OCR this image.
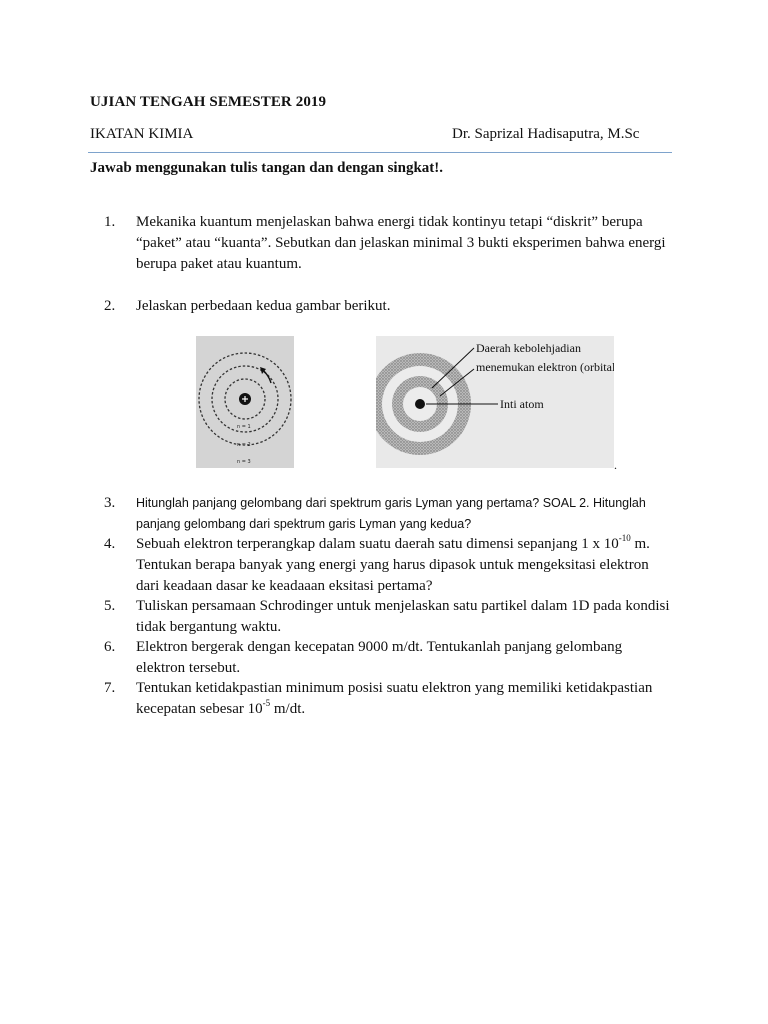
UJIAN TENGAH SEMESTER 2019
IKATAN KIMIA	Dr. Saprizal Hadisaputra, M.Sc
Jawab menggunakan tulis tangan dan dengan singkat!.
1.	Mekanika kuantum menjelaskan bahwa energi tidak kontinyu tetapi “diskrit” berupa “paket” atau “kuanta”. Sebutkan dan jelaskan minimal 3 bukti eksperimen bahwa energi berupa paket atau kuantum.
2.	Jelaskan perbedaan kedua gambar berikut.
n = 1
n = 2
n = 3
Daerah kebolehjadian
menemukan elektron (orbital)
Inti atom
.
3.	Hitunglah panjang gelombang dari spektrum garis Lyman yang pertama? SOAL 2. Hitunglah panjang gelombang dari spektrum garis Lyman yang kedua?
4.	Sebuah elektron terperangkap dalam suatu daerah satu dimensi sepanjang 1 x $10^{-10}$ m. Tentukan berapa banyak yang energi yang harus dipasok untuk mengeksitasi elektron dari keadaan dasar ke keadaaan eksitasi pertama?
5.	Tuliskan persamaan Schrodinger untuk menjelaskan satu partikel dalam 1D pada kondisi tidak bergantung waktu.
6.	Elektron bergerak dengan kecepatan 9000 m/dt. Tentukanlah panjang gelombang elektron tersebut.
7.	Tentukan ketidakpastian minimum posisi suatu elektron yang memiliki ketidakpastian kecepatan sebesar $10^{-5}$ m/dt.
